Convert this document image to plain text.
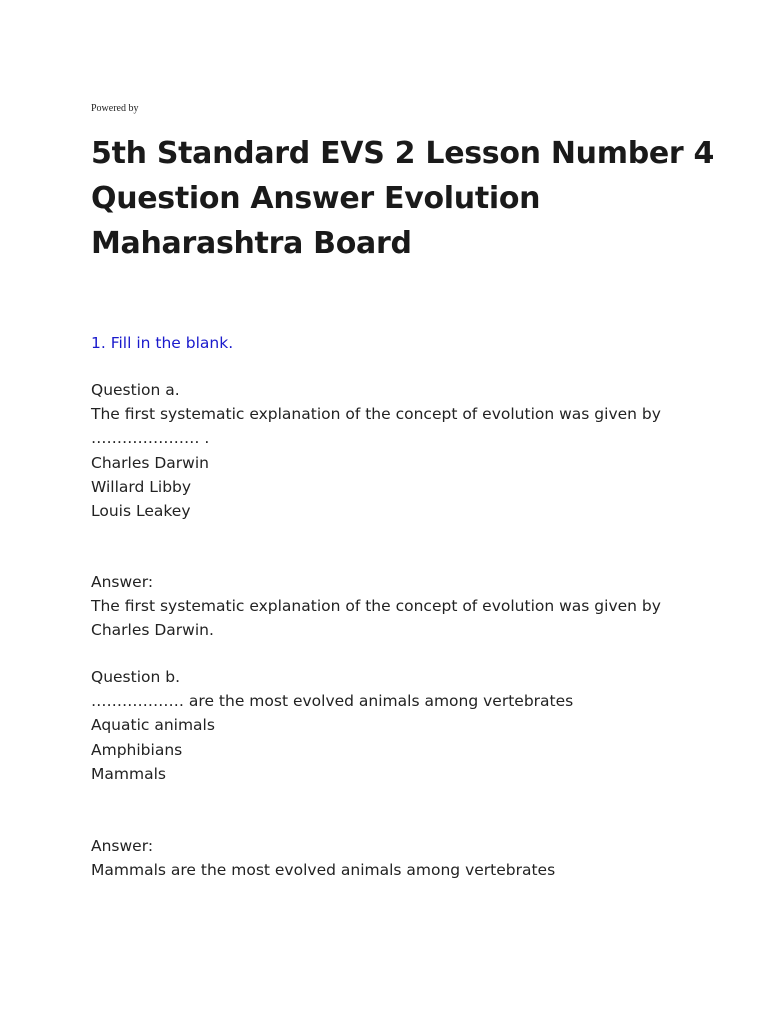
Powered by
5th Standard EVS 2 Lesson Number 4 Question Answer Evolution Maharashtra Board
1. Fill in the blank.
Question a.
The first systematic explanation of the concept of evolution was given by
………………… .
Charles Darwin
Willard Libby
Louis Leakey
Answer:
The first systematic explanation of the concept of evolution was given by
Charles Darwin.
Question b.
……………… are the most evolved animals among vertebrates
Aquatic animals
Amphibians
Mammals
Answer:
Mammals are the most evolved animals among vertebrates
